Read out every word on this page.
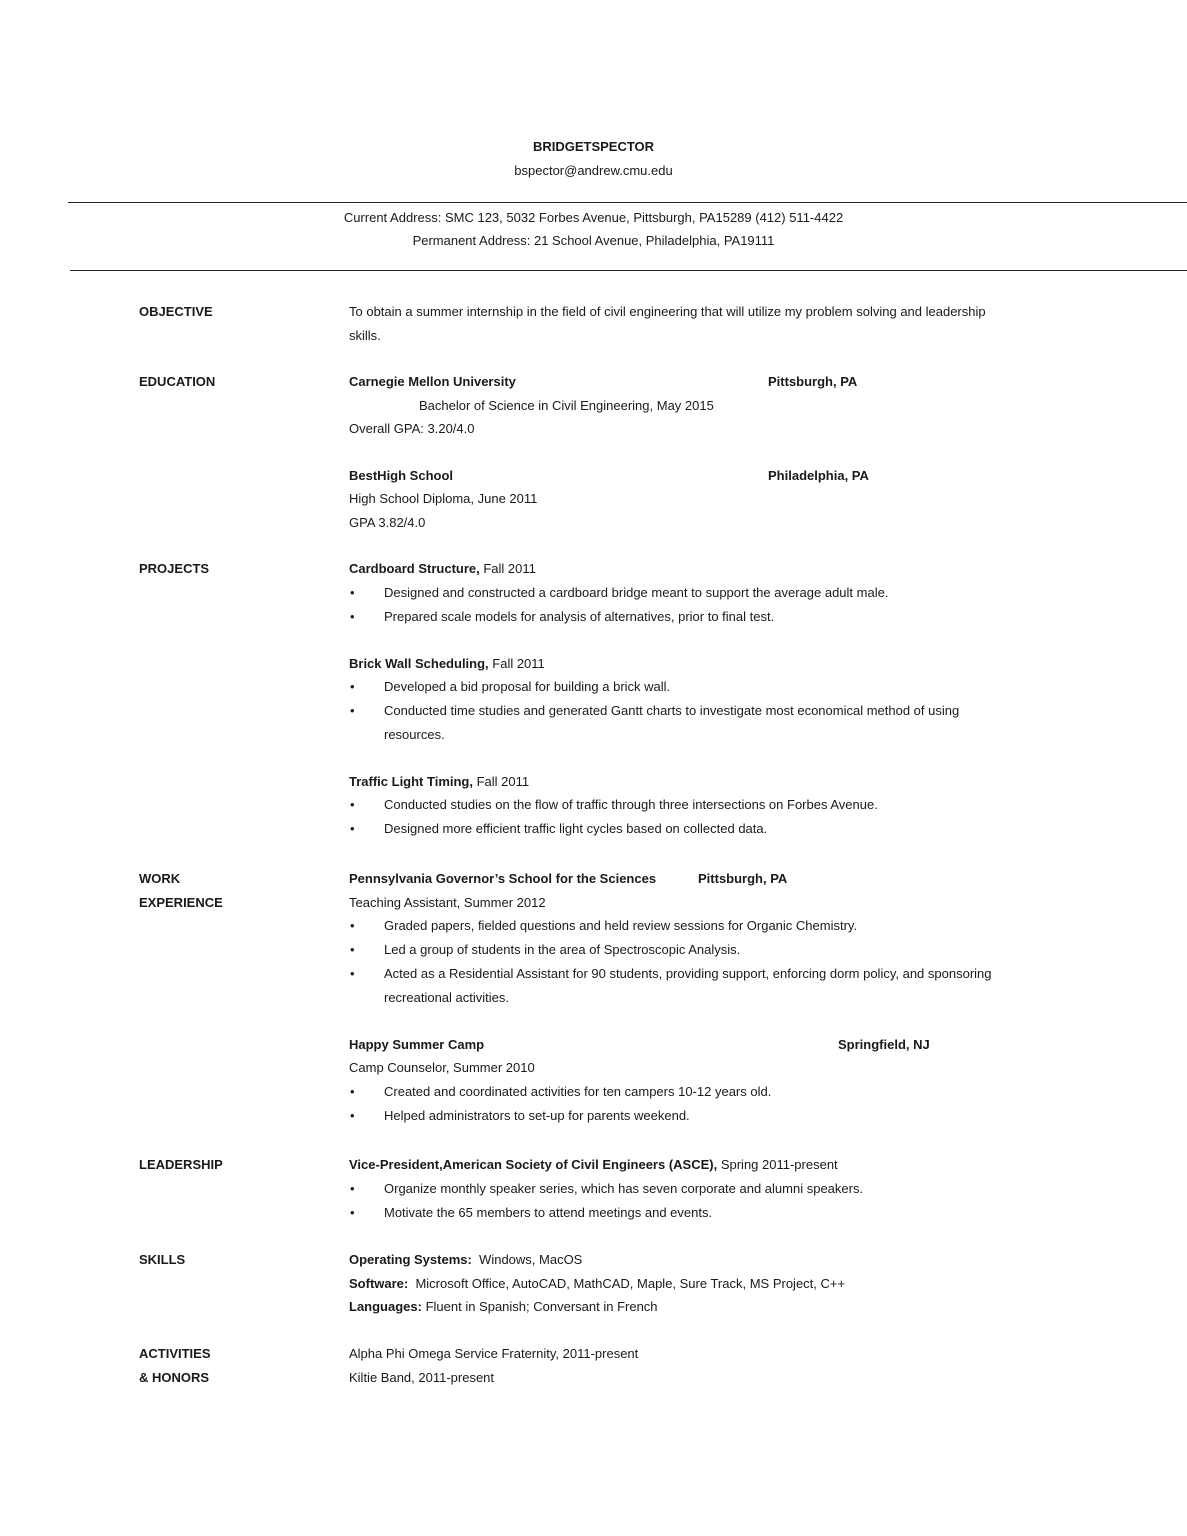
BRIDGETSPECTOR
bspector@andrew.cmu.edu
Current Address: SMC 123, 5032 Forbes Avenue, Pittsburgh, PA15289 (412) 511-4422
Permanent Address: 21 School Avenue, Philadelphia, PA19111
OBJECTIVE	To obtain a summer internship in the field of civil engineering that will utilize my problem solving and leadership
skills.
EDUCATION	Carnegie Mellon University	Pittsburgh, PA
Bachelor of Science in Civil Engineering, May 2015
Overall GPA: 3.20/4.0
BestHigh School	Philadelphia, PA
High School Diploma, June 2011
GPA 3.82/4.0
PROJECTS	Cardboard Structure, Fall 2011
• Designed and constructed a cardboard bridge meant to support the average adult male.
• Prepared scale models for analysis of alternatives, prior to final test.
Brick Wall Scheduling, Fall 2011
• Developed a bid proposal for building a brick wall.
• Conducted time studies and generated Gantt charts to investigate most economical method of using
resources.
Traffic Light Timing, Fall 2011
• Conducted studies on the flow of traffic through three intersections on Forbes Avenue.
• Designed more efficient traffic light cycles based on collected data.
WORK
EXPERIENCE
Pennsylvania Governor’s School for the Sciences	Pittsburgh, PA
Teaching Assistant, Summer 2012
• Graded papers, fielded questions and held review sessions for Organic Chemistry.
• Led a group of students in the area of Spectroscopic Analysis.
• Acted as a Residential Assistant for 90 students, providing support, enforcing dorm policy, and sponsoring
recreational activities.
Happy Summer Camp	Springfield, NJ
Camp Counselor, Summer 2010
• Created and coordinated activities for ten campers 10-12 years old.
• Helped administrators to set-up for parents weekend.
LEADERSHIP	Vice-President,American Society of Civil Engineers (ASCE), Spring 2011-present
• Organize monthly speaker series, which has seven corporate and alumni speakers.
• Motivate the 65 members to attend meetings and events.
SKILLS	Operating Systems:  Windows, MacOS
Software:  Microsoft Office, AutoCAD, MathCAD, Maple, Sure Track, MS Project, C++
Languages: Fluent in Spanish; Conversant in French
ACTIVITIES
& HONORS
Alpha Phi Omega Service Fraternity, 2011-present
Kiltie Band, 2011-present
